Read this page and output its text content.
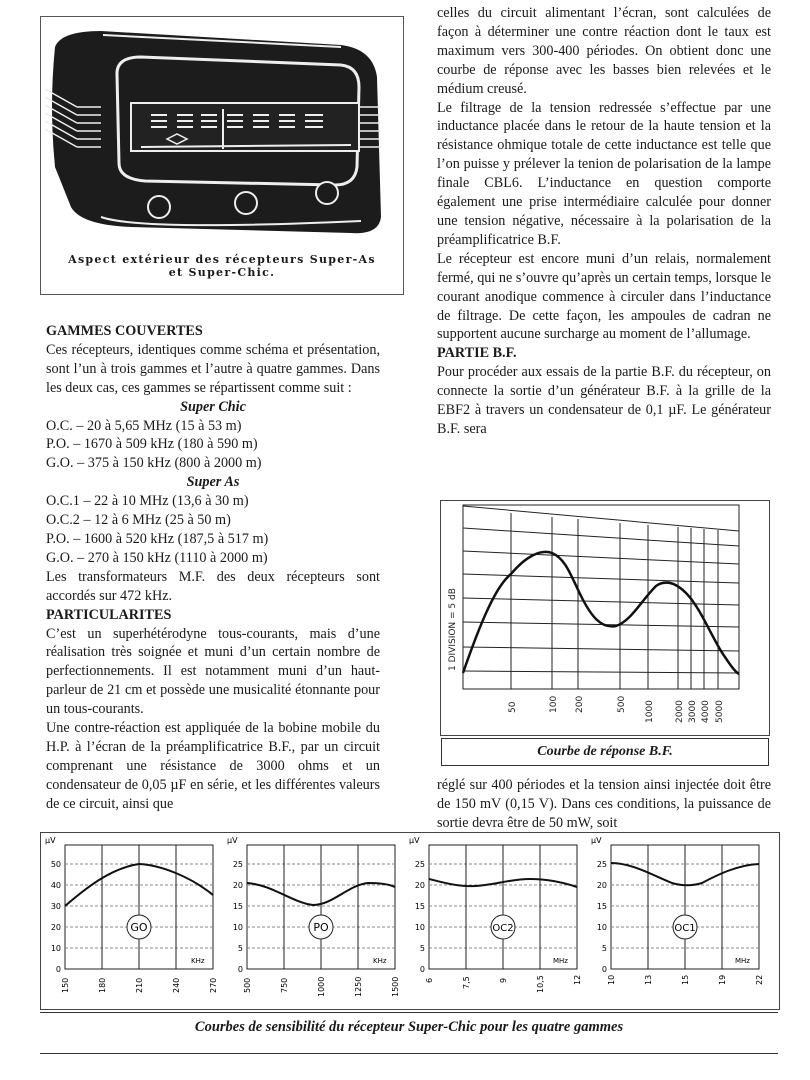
Aspect extérieur des récepteurs Super-As
et Super-Chic.

GAMMES COUVERTES

Ces récepteurs, identiques comme schéma et présentation, sont l’un à trois gammes et l’autre à quatre gammes. Dans les deux cas, ces gammes se répartissent comme suit :

Super Chic

O.C. – 20 à 5,65 MHz (15 à 53 m)

P.O. – 1670 à 509 kHz (180 à 590 m)

G.O. – 375 à 150 kHz (800 à 2000 m)

Super As

O.C.1 – 22 à 10 MHz (13,6 à 30 m)

O.C.2 – 12 à 6 MHz (25 à 50 m)

P.O. – 1600 à 520 kHz (187,5 à 517 m)

G.O. – 270 à 150 kHz (1110 à 2000 m)

Les transformateurs M.F. des deux récepteurs sont accordés sur 472 kHz.

PARTICULARITES

C’est un superhétérodyne tous-courants, mais d’une réalisation très soignée et muni d’un certain nombre de perfectionnements. Il est notamment muni d’un haut-parleur de 21 cm et possède une musicalité étonnante pour un tous-courants.

Une contre-réaction est appliquée de la bobine mobile du H.P. à l’écran de la préamplificatrice B.F., par un circuit comprenant une résistance de 3000 ohms et un condensateur de 0,05 µF en série, et les différentes valeurs de ce circuit, ainsi que

celles du circuit alimentant l’écran, sont calculées de façon à déterminer une contre réaction dont le taux est maximum vers 300-400 périodes. On obtient donc une courbe de réponse avec les basses bien relevées et le médium creusé.

Le filtrage de la tension redressée s’effectue par une inductance placée dans le retour de la haute tension et la résistance ohmique totale de cette inductance est telle que l’on puisse y prélever la tenion de polarisation de la lampe finale CBL6. L’inductance en question comporte également une prise intermédiaire calculée pour donner une tension négative, nécessaire à la polarisation de la préamplificatrice B.F.

Le récepteur est encore muni d’un relais, normalement fermé, qui ne s’ouvre qu’après un certain temps, lorsque le courant anodique commence à circuler dans l’inductance de filtrage. De cette façon, les ampoules de cadran ne supportent aucune surcharge au moment de l’allumage.

PARTIE B.F.

Pour procéder aux essais de la partie B.F. du récepteur, on connecte la sortie d’un générateur B.F. à la grille de la EBF2 à travers un condensateur de 0,1 µF. Le générateur B.F. sera

1 DIVISION = 5 dB
50	100 200	500 1000 2000 3000 4000 5000
Courbe de réponse B.F.

réglé sur 400 périodes et la tension ainsi injectée doit être de 150 mV (0,15 V). Dans ces conditions, la puissance de sortie devra être de 50 mW, soit

GO
µV
KHz
0
10
20
30
40
50
150	180	210	240	270
PO
µV
KHz
0
5
10
15
20
25
500	750	1000	1250	1500
OC2
µV
MHz
0
5
10
15
20
25
6	7,5	9	10,5	12
OC1
µV
MHz
0
5
10
15
20
25
10	13	15	19	22
Courbes de sensibilité du récepteur Super-Chic pour les quatre gammes
